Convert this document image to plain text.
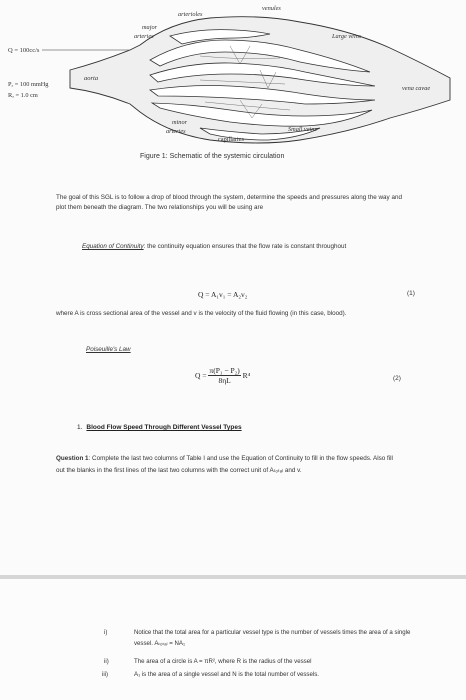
Q = 100cc/s
Pₐ = 100 mmHg
Rₐ = 1.0 cm
aorta
major
arteries
arterioles
venules
Large veins
vena cavae
minor
arteries
capillaries
Small veins
Figure 1: Schematic of the systemic circulation
The goal of this SGL is to follow a drop of blood through the system, determine the speeds and pressures along the way and plot them beneath the diagram. The two relationships you will be using are
Equation of Continuity: the continuity equation ensures that the flow rate is constant throughout
Q = A₁v₁ = A₂v₂	(1)
where A is cross sectional area of the vessel and v is the velocity of the fluid flowing (in this case, blood).
Poiseuille's Law
$Q = \frac{\text{π(P₁ − P₂)}}{8\eta L} R^4$	(2)
1. Blood Flow Speed Through Different Vessel Types
Question 1: Complete the last two columns of Table I and use the Equation of Continuity to fill in the flow speeds. Also fill out the blanks in the first lines of the last two columns with the correct unit of Aₜₒₜₐₗ and v.
i)	Notice that the total area for a particular vessel type is the number of vessels times the area of a single vessel. Aₜₒₜₐₗ = NA₁
ii)	The area of a circle is A = πR², where R is the radius of the vessel
iii)	A₁ is the area of a single vessel and N is the total number of vessels.
